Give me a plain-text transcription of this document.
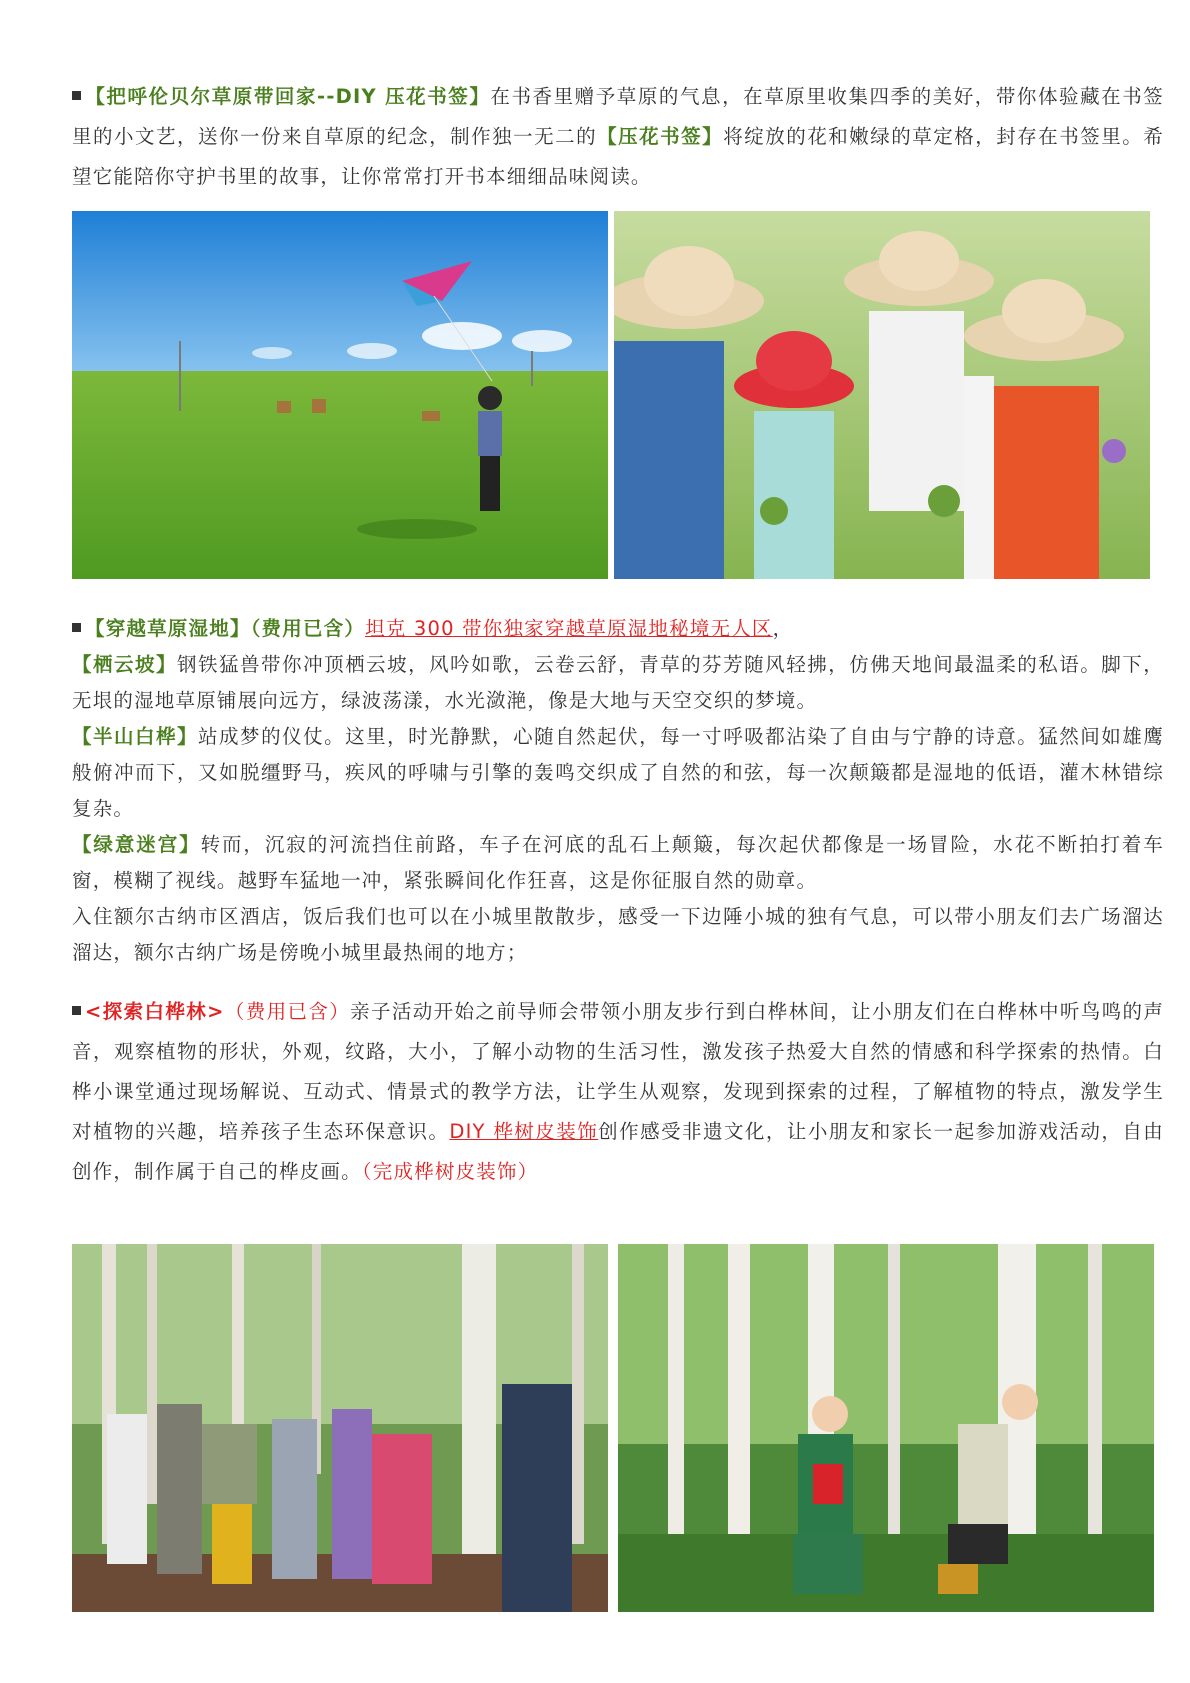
【把呼伦贝尔草原带回家--DIY 压花书签】在书香里赠予草原的气息，在草原里收集四季的美好，带你体验藏在书签里的小文艺，送你一份来自草原的纪念，制作独一无二的【压花书签】将绽放的花和嫩绿的草定格，封存在书签里。希望它能陪你守护书里的故事，让你常常打开书本细细品味阅读。
【穿越草原湿地】（费用已含）坦克 300 带你独家穿越草原湿地秘境无人区，
【栖云坡】钢铁猛兽带你冲顶栖云坡，风吟如歌，云卷云舒，青草的芬芳随风轻拂，仿佛天地间最温柔的私语。脚下，无垠的湿地草原铺展向远方，绿波荡漾，水光潋滟，像是大地与天空交织的梦境。
【半山白桦】站成梦的仪仗。这里，时光静默，心随自然起伏，每一寸呼吸都沾染了自由与宁静的诗意。猛然间如雄鹰般俯冲而下，又如脱缰野马，疾风的呼啸与引擎的轰鸣交织成了自然的和弦，每一次颠簸都是湿地的低语，灌木林错综复杂。
【绿意迷宫】转而，沉寂的河流挡住前路，车子在河底的乱石上颠簸，每次起伏都像是一场冒险，水花不断拍打着车窗，模糊了视线。越野车猛地一冲，紧张瞬间化作狂喜，这是你征服自然的勋章。
入住额尔古纳市区酒店，饭后我们也可以在小城里散散步，感受一下边陲小城的独有气息，可以带小朋友们去广场溜达溜达，额尔古纳广场是傍晚小城里最热闹的地方；
<探索白桦林>（费用已含）亲子活动开始之前导师会带领小朋友步行到白桦林间，让小朋友们在白桦林中听鸟鸣的声音，观察植物的形状，外观，纹路，大小，了解小动物的生活习性，激发孩子热爱大自然的情感和科学探索的热情。白桦小课堂通过现场解说、互动式、情景式的教学方法，让学生从观察，发现到探索的过程，了解植物的特点，激发学生对植物的兴趣，培养孩子生态环保意识。DIY 桦树皮装饰创作感受非遗文化，让小朋友和家长一起参加游戏活动，自由创作，制作属于自己的桦皮画。（完成桦树皮装饰）
